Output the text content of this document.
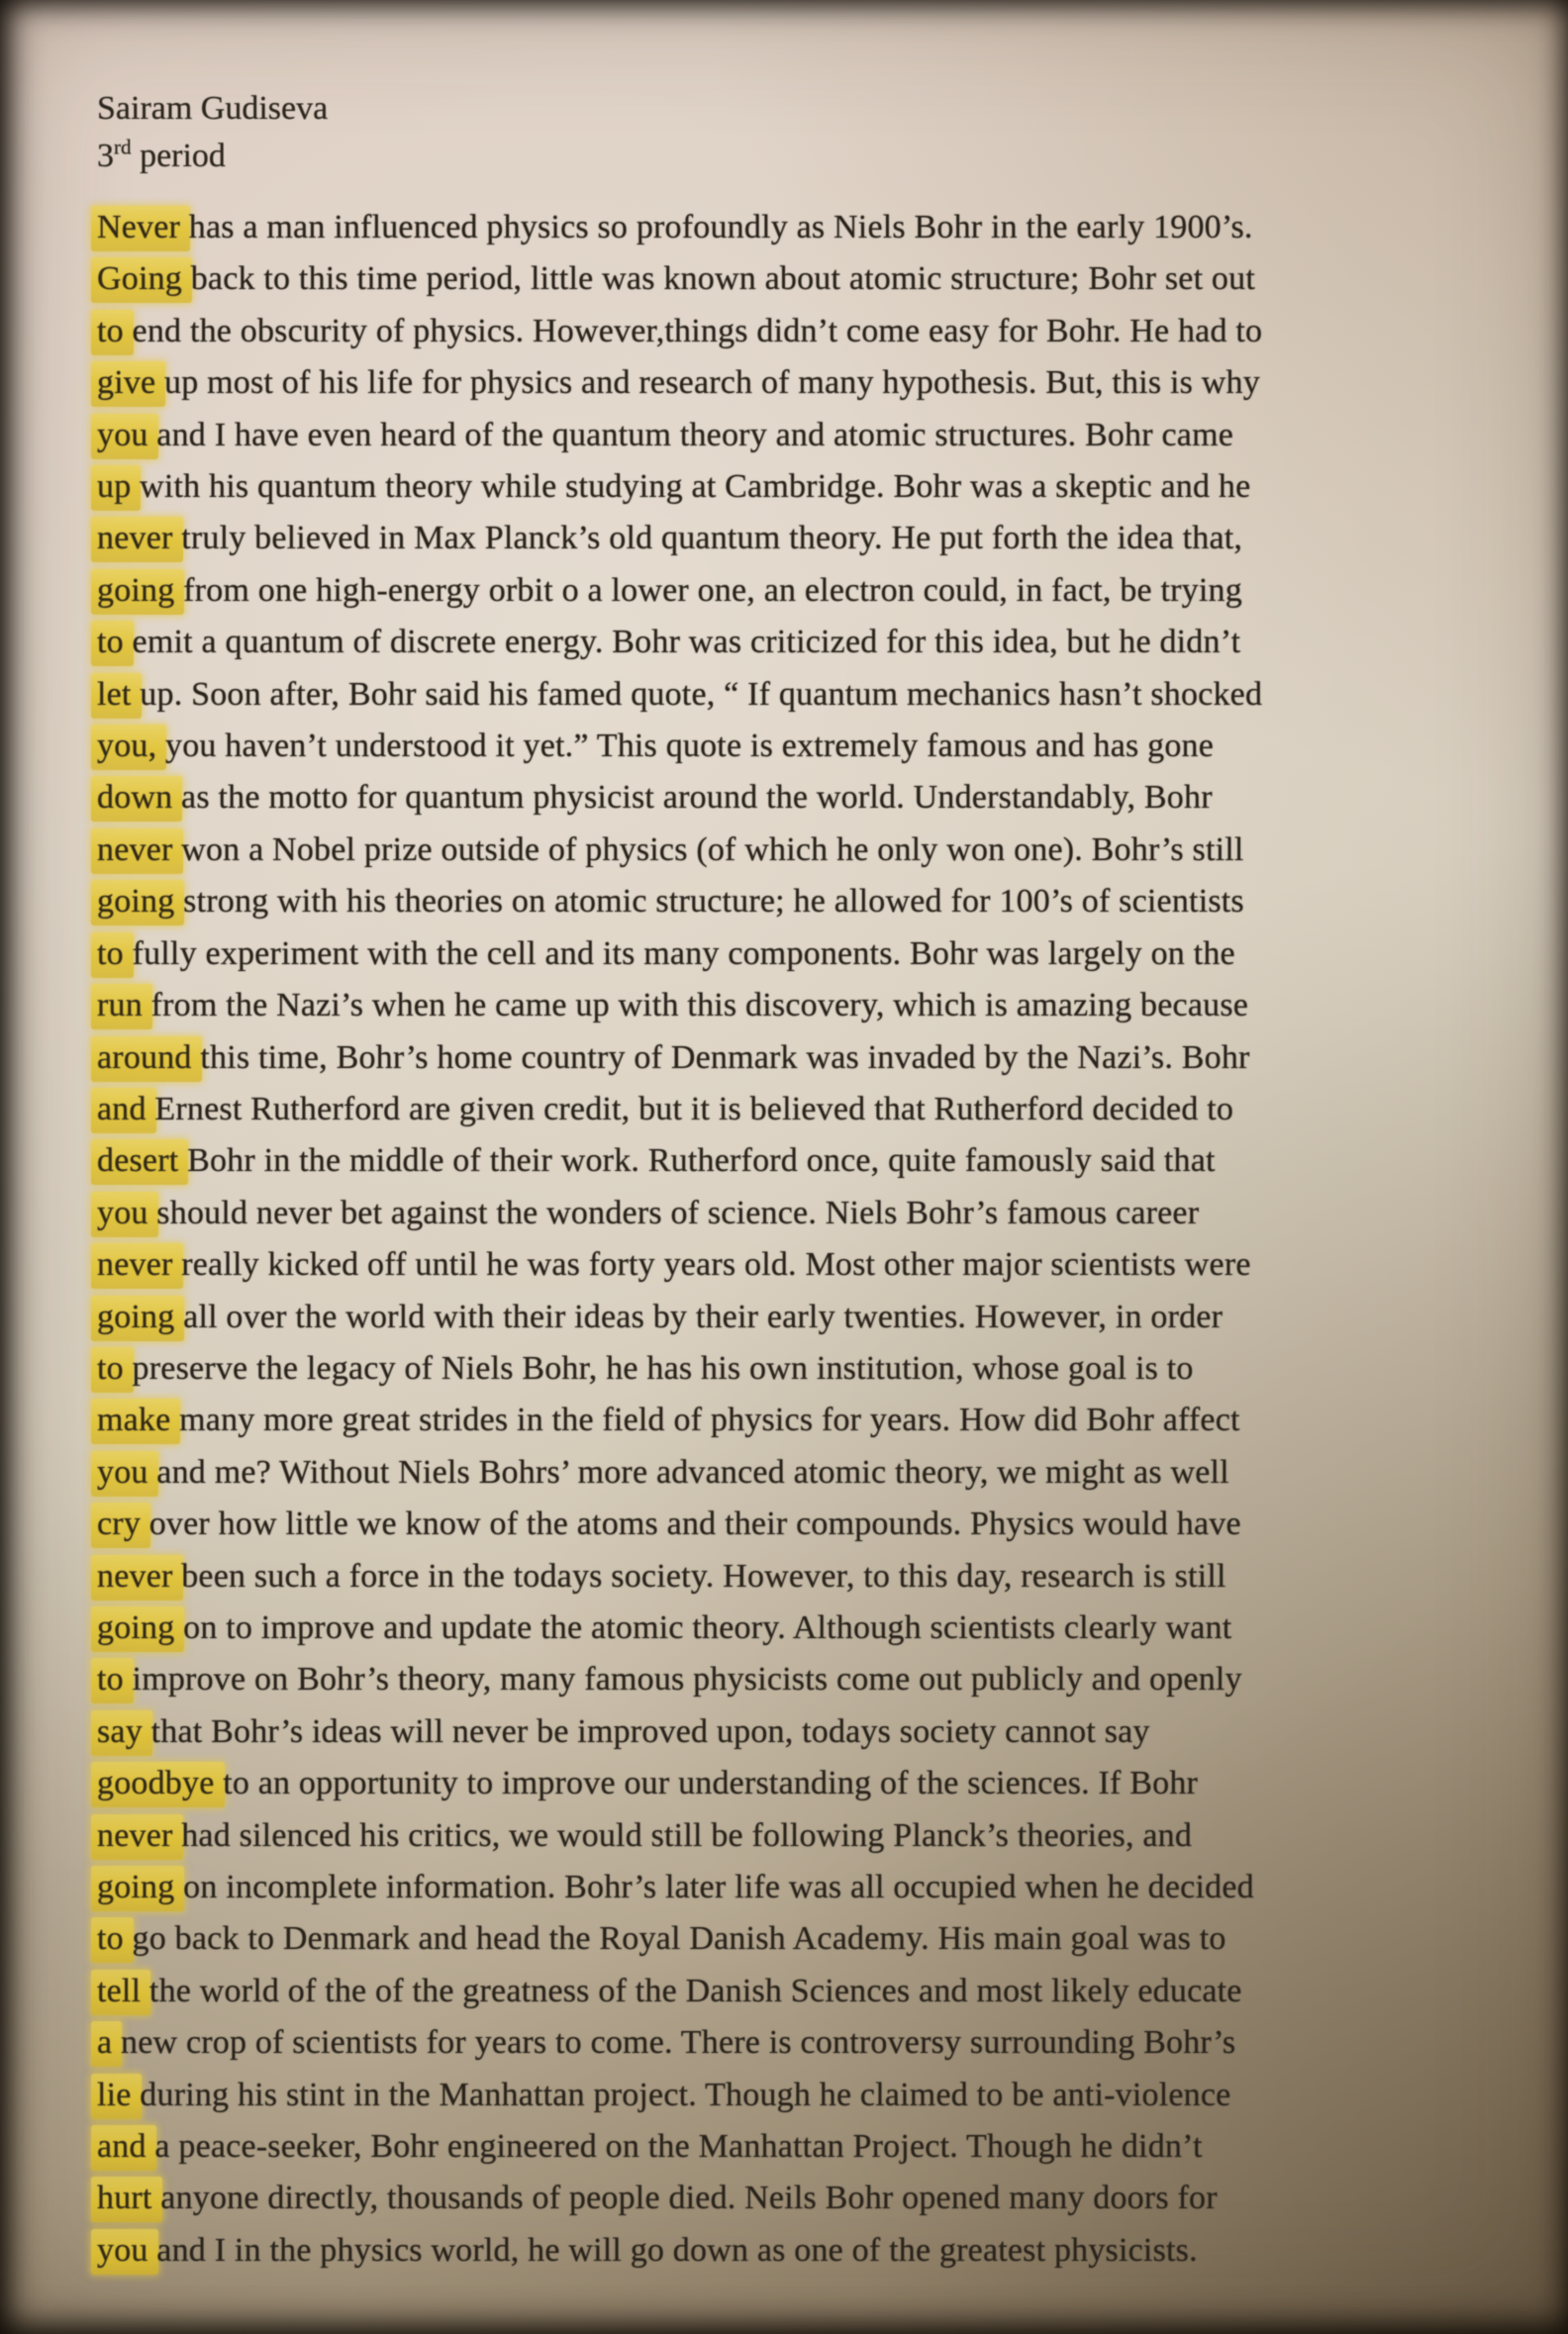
Sairam Gudiseva
3rd period
Never has a man influenced physics so profoundly as Niels Bohr in the early 1900’s.
Going back to this time period, little was known about atomic structure; Bohr set out
to end the obscurity of physics. However,things didn’t come easy for Bohr. He had to
give up most of his life for physics and research of many hypothesis. But, this is why
you and I have even heard of the quantum theory and atomic structures. Bohr came
up with his quantum theory while studying at Cambridge. Bohr was a skeptic and he
never truly believed in Max Planck’s old quantum theory. He put forth the idea that,
going from one high-energy orbit o a lower one, an electron could, in fact, be trying
to emit a quantum of discrete energy. Bohr was criticized for this idea, but he didn’t
let up. Soon after, Bohr said his famed quote, “ If quantum mechanics hasn’t shocked
you, you haven’t understood it yet.” This quote is extremely famous and has gone
down as the motto for quantum physicist around the world. Understandably, Bohr
never won a Nobel prize outside of physics (of which he only won one). Bohr’s still
going strong with his theories on atomic structure; he allowed for 100’s of scientists
to fully experiment with the cell and its many components. Bohr was largely on the
run from the Nazi’s when he came up with this discovery, which is amazing because
around this time, Bohr’s home country of Denmark was invaded by the Nazi’s. Bohr
and Ernest Rutherford are given credit, but it is believed that Rutherford decided to
desert Bohr in the middle of their work. Rutherford once, quite famously said that
you should never bet against the wonders of science. Niels Bohr’s famous career
never really kicked off until he was forty years old. Most other major scientists were
going all over the world with their ideas by their early twenties. However, in order
to preserve the legacy of Niels Bohr, he has his own institution, whose goal is to
make many more great strides in the field of physics for years. How did Bohr affect
you and me? Without Niels Bohrs’ more advanced atomic theory, we might as well
cry over how little we know of the atoms and their compounds. Physics would have
never been such a force in the todays society. However, to this day, research is still
going on to improve and update the atomic theory. Although scientists clearly want
to improve on Bohr’s theory, many famous physicists come out publicly and openly
say that Bohr’s ideas will never be improved upon, todays society cannot say
goodbye to an opportunity to improve our understanding of the sciences. If Bohr
never had silenced his critics, we would still be following Planck’s theories, and
going on incomplete information. Bohr’s later life was all occupied when he decided
to go back to Denmark and head the Royal Danish Academy. His main goal was to
tell the world of the of the greatness of the Danish Sciences and most likely educate
a new crop of scientists for years to come. There is controversy surrounding Bohr’s
lie during his stint in the Manhattan project. Though he claimed to be anti-violence
and a peace-seeker, Bohr engineered on the Manhattan Project. Though he didn’t
hurt anyone directly, thousands of people died. Neils Bohr opened many doors for
you and I in the physics world, he will go down as one of the greatest physicists.
